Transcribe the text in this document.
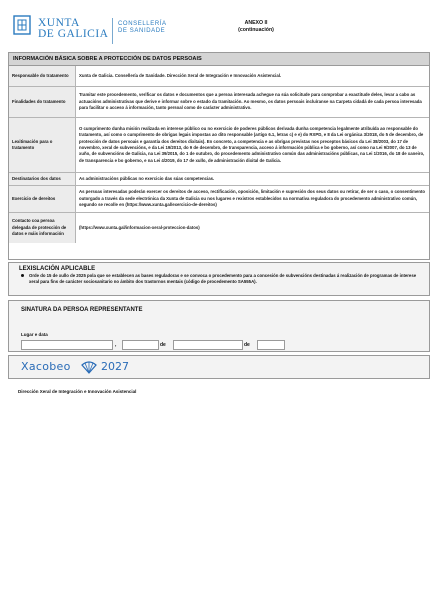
XUNTA
DE GALICIA
CONSELLERÍA
DE SANIDADE
ANEXO II
(continuación)
INFORMACIÓN BÁSICA SOBRE A PROTECCIÓN DE DATOS PERSOAIS
Responsable do tratamento	Xunta de Galicia. Consellería de Sanidade. Dirección Xeral de Integración e Innovación Asistencial.
Finalidades do tratamento	Tramitar este procedemento, verificar os datos e documentos que a persoa interesada achegue na súa solicitude para comprobar a exactitude deles, levar a cabo as actuacións administrativas que derive e informar sobre o estado da tramitación. Ao mesmo, os datos persoais incluíranse na Carpeta cidadá de cada persoa interesada para facilitar o acceso á información, tanto persoal como de carácter administrativo.
Lexitimación para o tratamento	O cumprimento dunha misión realizada en interese público ou no exercicio de poderes públicos derivada dunha competencia legalmente atribuída ao responsable do tratamento, así como o cumprimento de obrigas legais impostas ao dito responsable (artigo 6.1, letras c) e e) do RXPD, e 8 da Lei orgánica 3/2018, do 5 de decembro, de protección de datos persoais e garantía dos dereitos dixitais). En concreto, a competencia e as obrigas previstas nos preceptos básicos da Lei 38/2003, do 17 de novembro, xeral de subvencións, e da Lei 19/2013, do 9 de decembro, de transparencia, acceso á información pública e bo goberno, así como na Lei 9/2007, do 13 de xuño, de subvencións de Galicia, na Lei 39/2015, do 1 de outubro, do procedemento administrativo común das administracións públicas, na Lei 1/2016, do 18 de xaneiro, de transparencia e bo goberno, e na Lei 4/2019, do 17 de xullo, de administración dixital de Galicia.
Destinatarios dos datos	As administracións públicas no exercicio das súas competencias.
Exercicio de dereitos	As persoas interesadas poderán exercer os dereitos de acceso, rectificación, oposición, limitación e supresión dos seus datos ou retirar, de ser o caso, o consentimento outorgado a través da sede electrónica da Xunta de Galicia ou nos lugares e rexistros establecidos na normativa reguladora do procedemento administrativo común, segundo se recolle en (https://www.xunta.gal/exercicio-de-dereitos)
Contacto coa persoa delegada de protección de datos e máis información	(https://www.xunta.gal/informacion-xeral-proteccion-datos)
LEXISLACIÓN APLICABLE
Orde do 15 de xullo de 2025 pola que se establecen as bases reguladoras e se convoca o procedemento para a concesión de subvencións destinadas á realización de programas de interese xeral para fins de carácter sociosanitario no ámbito dos trastornos mentais (código de procedemento SA555A).
SINATURA DA PERSOA REPRESENTANTE
Lugar e data
,	de	de
Xacobeo	2027
Dirección Xeral de Integración e Innovación Asistencial
